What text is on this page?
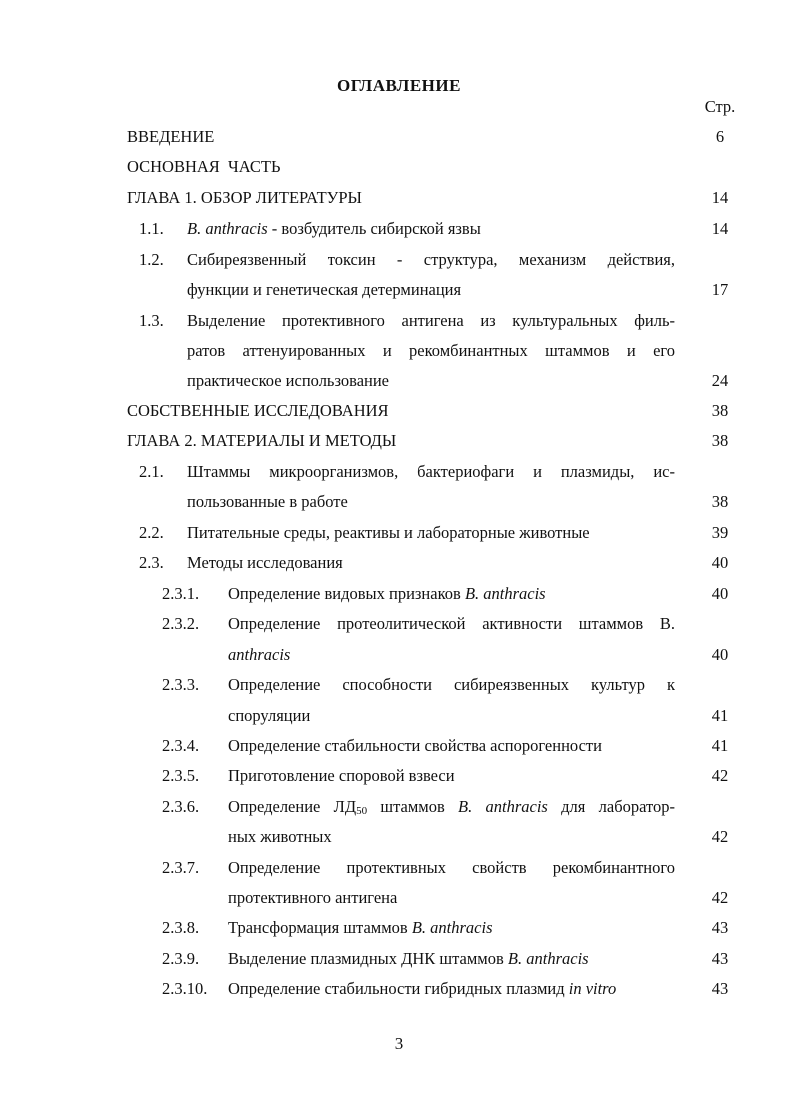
ОГЛАВЛЕНИЕ
Стр.
ВВЕДЕНИЕ	6
ОСНОВНАЯ  ЧАСТЬ
ГЛАВА 1. ОБЗОР ЛИТЕРАТУРЫ	14
1.1. B. anthracis - возбудитель сибирской язвы	14
1.2. Сибиреязвенный токсин - структура, механизм действия,
функции и генетическая детерминация	17
1.3. Выделение протективного антигена из культуральных филь-
ратов аттенуированных и рекомбинантных штаммов и его
практическое использование	24
СОБСТВЕННЫЕ ИССЛЕДОВАНИЯ	38
ГЛАВА 2. МАТЕРИАЛЫ И МЕТОДЫ	38
2.1. Штаммы микроорганизмов, бактериофаги и плазмиды, ис-
пользованные в работе	38
2.2. Питательные среды, реактивы и лабораторные животные	39
2.3. Методы исследования	40
2.3.1. Определение видовых признаков B. anthracis	40
2.3.2. Определение протеолитической активности штаммов B.
anthracis	40
2.3.3. Определение способности сибиреязвенных культур к
споруляции	41
2.3.4. Определение стабильности свойства аспорогенности	41
2.3.5. Приготовление споровой взвеси	42
2.3.6. Определение $ЛД_{50}$ штаммов B. anthracis для лаборатор-
ных животных	42
2.3.7. Определение протективных свойств рекомбинантного
протективного антигена	42
2.3.8. Трансформация штаммов B. anthracis	43
2.3.9. Выделение плазмидных ДНК штаммов B. anthracis	43
2.3.10. Определение стабильности гибридных плазмид in vitro	43
3
